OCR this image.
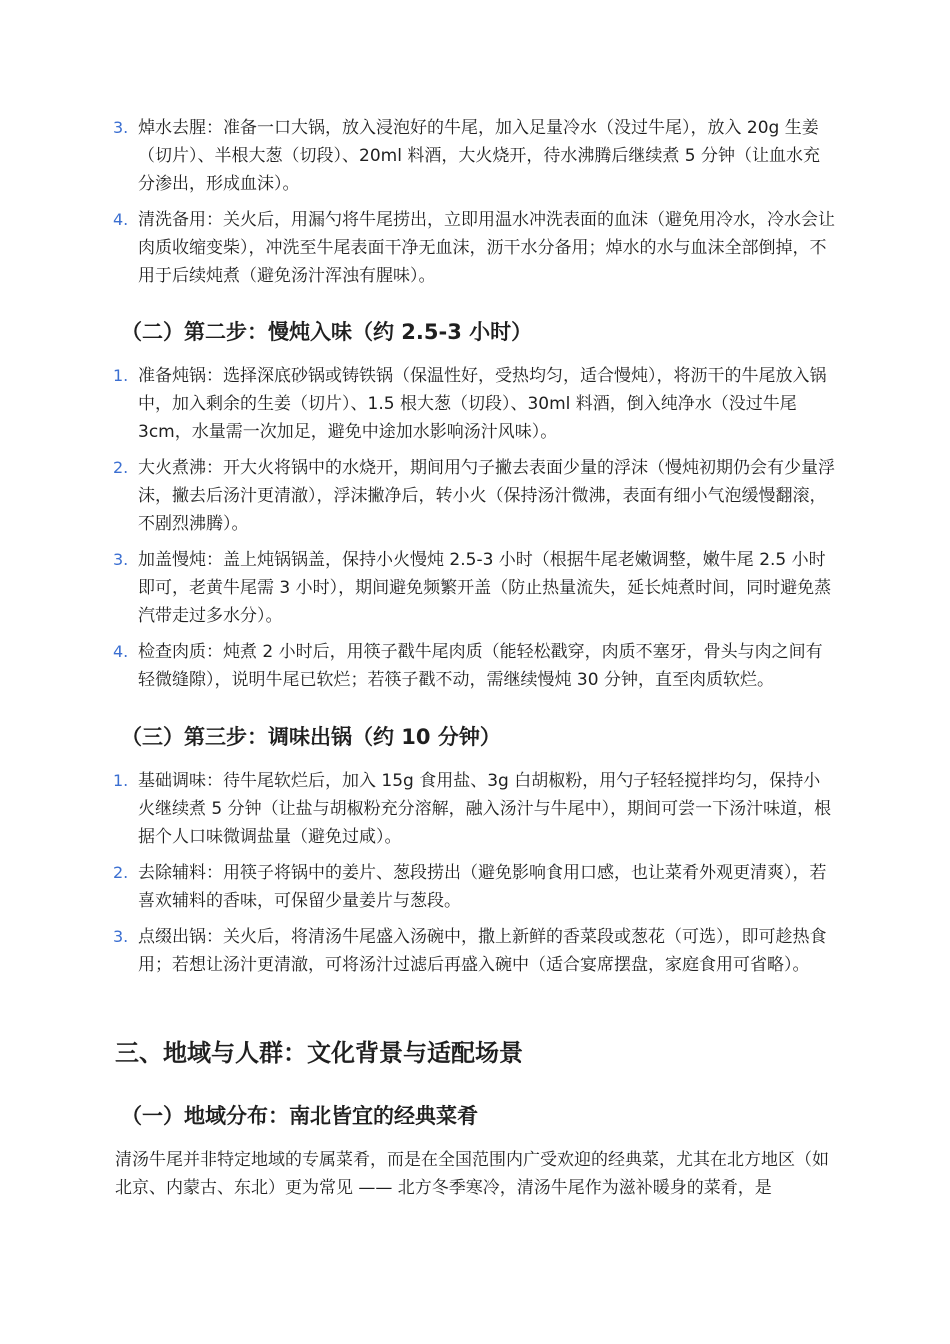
3. 焯水去腥：准备一口大锅，放入浸泡好的牛尾，加入足量冷水（没过牛尾），放入 20g 生姜（切片）、半根大葱（切段）、20ml 料酒，大火烧开，待水沸腾后继续煮 5 分钟（让血水充分渗出，形成血沫）。
4. 清洗备用：关火后，用漏勺将牛尾捞出，立即用温水冲洗表面的血沫（避免用冷水，冷水会让肉质收缩变柴），冲洗至牛尾表面干净无血沫，沥干水分备用；焯水的水与血沫全部倒掉，不用于后续炖煮（避免汤汁浑浊有腥味）。
（二）第二步：慢炖入味（约 2.5-3 小时）
1. 准备炖锅：选择深底砂锅或铸铁锅（保温性好，受热均匀，适合慢炖），将沥干的牛尾放入锅中，加入剩余的生姜（切片）、1.5 根大葱（切段）、30ml 料酒，倒入纯净水（没过牛尾 3cm，水量需一次加足，避免中途加水影响汤汁风味）。
2. 大火煮沸：开大火将锅中的水烧开，期间用勺子撇去表面少量的浮沫（慢炖初期仍会有少量浮沫，撇去后汤汁更清澈），浮沫撇净后，转小火（保持汤汁微沸，表面有细小气泡缓慢翻滚，不剧烈沸腾）。
3. 加盖慢炖：盖上炖锅锅盖，保持小火慢炖 2.5-3 小时（根据牛尾老嫩调整，嫩牛尾 2.5 小时即可，老黄牛尾需 3 小时），期间避免频繁开盖（防止热量流失，延长炖煮时间，同时避免蒸汽带走过多水分）。
4. 检查肉质：炖煮 2 小时后，用筷子戳牛尾肉质（能轻松戳穿，肉质不塞牙，骨头与肉之间有轻微缝隙），说明牛尾已软烂；若筷子戳不动，需继续慢炖 30 分钟，直至肉质软烂。
（三）第三步：调味出锅（约 10 分钟）
1. 基础调味：待牛尾软烂后，加入 15g 食用盐、3g 白胡椒粉，用勺子轻轻搅拌均匀，保持小火继续煮 5 分钟（让盐与胡椒粉充分溶解，融入汤汁与牛尾中），期间可尝一下汤汁味道，根据个人口味微调盐量（避免过咸）。
2. 去除辅料：用筷子将锅中的姜片、葱段捞出（避免影响食用口感，也让菜肴外观更清爽），若喜欢辅料的香味，可保留少量姜片与葱段。
3. 点缀出锅：关火后，将清汤牛尾盛入汤碗中，撒上新鲜的香菜段或葱花（可选），即可趁热食用；若想让汤汁更清澈，可将汤汁过滤后再盛入碗中（适合宴席摆盘，家庭食用可省略）。
三、地域与人群：文化背景与适配场景
（一）地域分布：南北皆宜的经典菜肴

清汤牛尾并非特定地域的专属菜肴，而是在全国范围内广受欢迎的经典菜，尤其在北方地区（如北京、内蒙古、东北）更为常见 —— 北方冬季寒冷，清汤牛尾作为滋补暖身的菜肴，是
